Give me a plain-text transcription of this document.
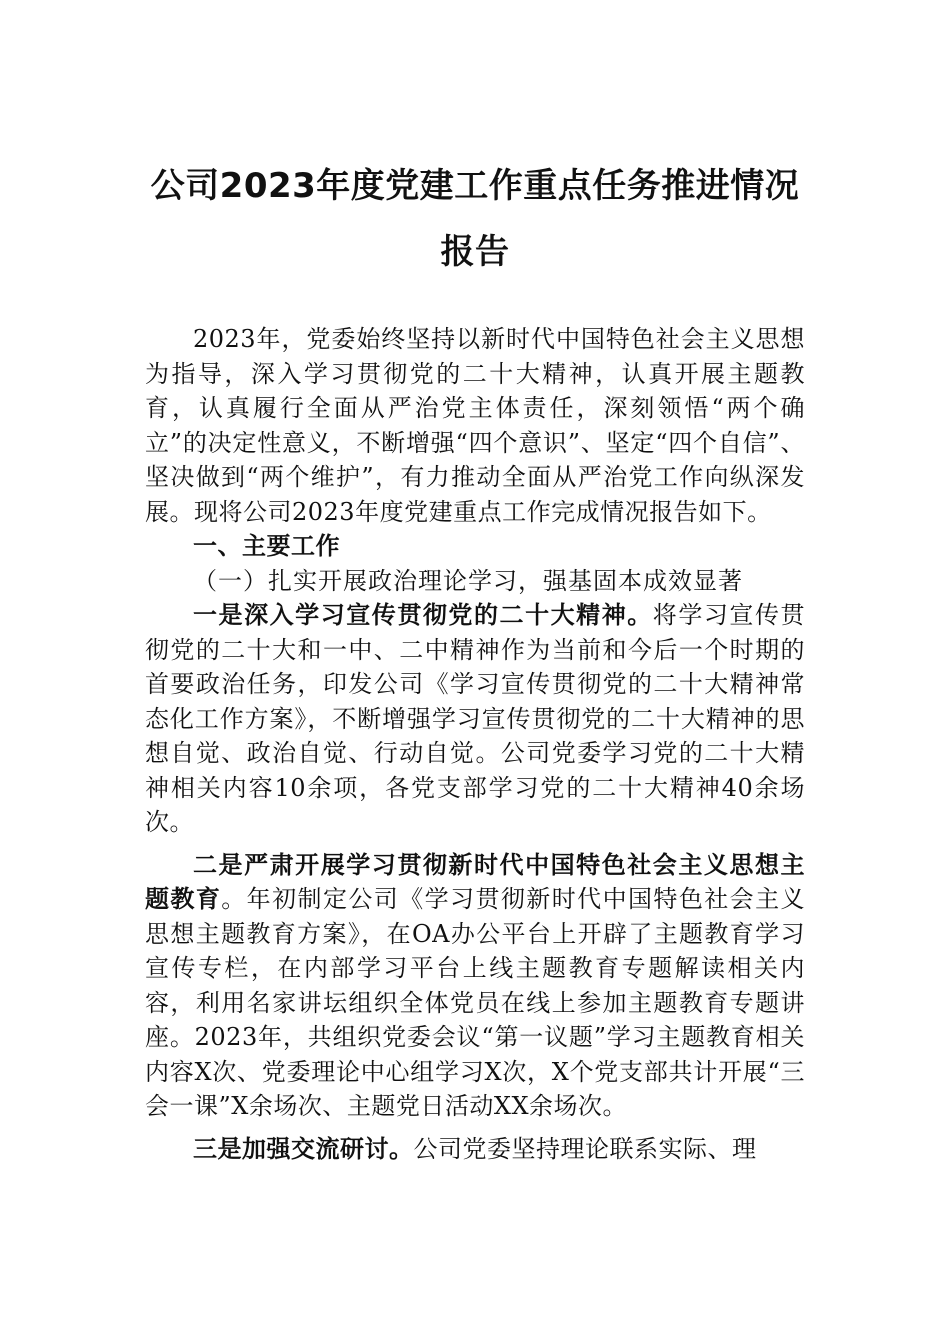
公司2023年度党建工作重点任务推进情况
报告

2023年，党委始终坚持以新时代中国特色社会主义思想为指导，深入学习贯彻党的二十大精神，认真开展主题教育，认真履行全面从严治党主体责任，深刻领悟“两个确立”的决定性意义，不断增强“四个意识”、坚定“四个自信”、坚决做到“两个维护”，有力推动全面从严治党工作向纵深发展。现将公司2023年度党建重点工作完成情况报告如下。

一、主要工作

（一）扎实开展政治理论学习，强基固本成效显著

一是深入学习宣传贯彻党的二十大精神。将学习宣传贯彻党的二十大和一中、二中精神作为当前和今后一个时期的首要政治任务，印发公司《学习宣传贯彻党的二十大精神常态化工作方案》，不断增强学习宣传贯彻党的二十大精神的思想自觉、政治自觉、行动自觉。公司党委学习党的二十大精神相关内容10余项，各党支部学习党的二十大精神40余场次。

二是严肃开展学习贯彻新时代中国特色社会主义思想主题教育。年初制定公司《学习贯彻新时代中国特色社会主义思想主题教育方案》，在OA办公平台上开辟了主题教育学习宣传专栏，在内部学习平台上线主题教育专题解读相关内容，利用名家讲坛组织全体党员在线上参加主题教育专题讲座。2023年，共组织党委会议“第一议题”学习主题教育相关内容X次、党委理论中心组学习X次，X个党支部共计开展“三会一课”X余场次、主题党日活动XX余场次。

三是加强交流研讨。公司党委坚持理论联系实际、理
